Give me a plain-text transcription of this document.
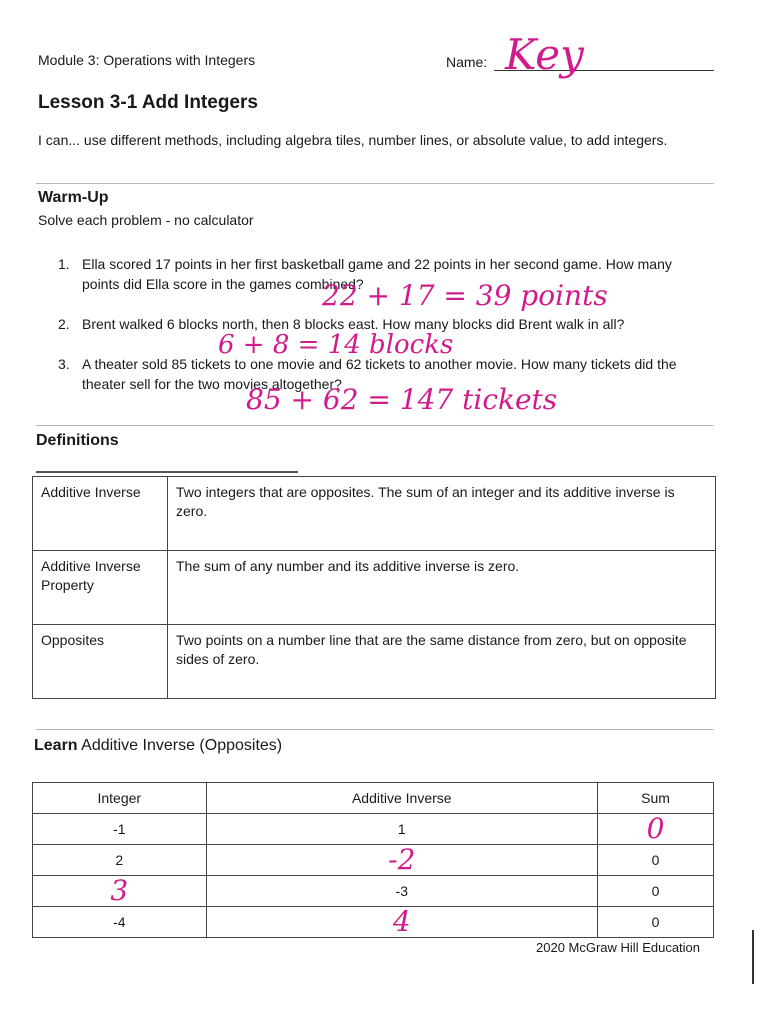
Module 3: Operations with Integers	Name: Key
Lesson 3-1 Add Integers
I can... use different methods, including algebra tiles, number lines, or absolute value, to add integers.
Warm-Up
Solve each problem - no calculator
1. Ella scored 17 points in her first basketball game and 22 points in her second game. How many points did Ella score in the games combined?
22 + 17 = 39 points
2. Brent walked 6 blocks north, then 8 blocks east. How many blocks did Brent walk in all?
6 + 8 = 14 blocks
3. A theater sold 85 tickets to one movie and 62 tickets to another movie. How many tickets did the theater sell for the two movies altogether?
85 + 62 = 147 tickets
Definitions
Additive Inverse	Two integers that are opposites. The sum of an integer and its additive inverse is zero.
Additive Inverse Property	The sum of any number and its additive inverse is zero.
Opposites	Two points on a number line that are the same distance from zero, but on opposite sides of zero.
Learn Additive Inverse (Opposites)
Integer	Additive Inverse	Sum
-1	1	0
2	-2	0
3	-3	0
-4	4	0
2020 McGraw Hill Education
